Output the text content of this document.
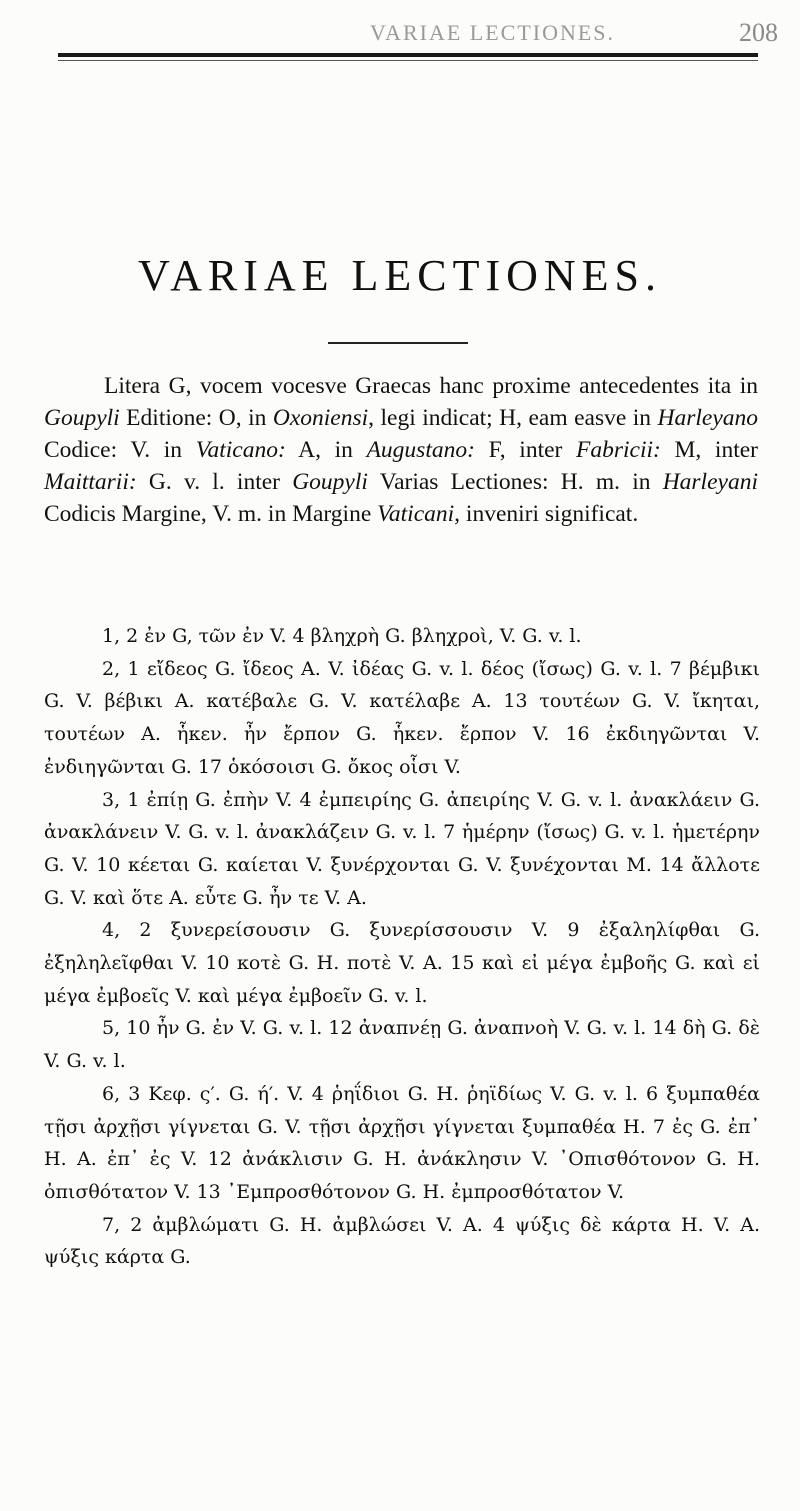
VARIAE LECTIONES.	208
VARIAE LECTIONES.

Litera G, vocem vocesve Graecas hanc proxime antecedentes ita in Goupyli Editione: O, in Oxoniensi, legi indicat; H, eam easve in Harleyano Codice: V. in Vaticano: A, in Augustano: F, inter Fabricii: M, inter Maittarii: G. v. l. inter Goupyli Varias Lectiones: H. m. in Harleyani Codicis Margine, V. m. in Margine Vaticani, inveniri significat.

1, 2 ἐν G, τῶν ἐν V. 4 βληχρὴ G. βληχροὶ, V. G. v. l.

2, 1 εἴδεος G. ἴδεος A. V. ἰδέας G. v. l. δέος (ἴσως) G. v. l. 7 βέμβικι G. V. βέβικι A. κατέβαλε G. V. κατέλαβε A. 13 τουτέων G. V. ἴκηται, τουτέων A. ἧκεν. ἦν ἔρπον G. ἧκεν. ἔρπον V. 16 ἐκδιηγῶνται V. ἐνδιηγῶνται G. 17 ὁκόσοισι G. ὄκος οἷσι V.

3, 1 ἐπίῃ G. ἐπὴν V. 4 ἐμπειρίης G. ἀπειρίης V. G. v. l. ἀνακλάειν G. ἀνακλάνειν V. G. v. l. ἀνακλάζειν G. v. l. 7 ἡμέρην (ἴσως) G. v. l. ἡμετέρην G. V. 10 κέεται G. καίεται V. ξυνέρχονται G. V. ξυνέχονται M. 14 ἄλλοτε G. V. καὶ ὅτε A. εὖτε G. ἦν τε V. A.

4, 2 ξυνερείσουσιν G. ξυνερίσσουσιν V. 9 ἐξαληλίφθαι G. ἐξηληλεῖφθαι V. 10 κοτὲ G. H. ποτὲ V. A. 15 καὶ εἰ μέγα ἐμβοῆς G. καὶ εἰ μέγα ἐμβοεῖς V. καὶ μέγα ἐμβοεῖν G. v. l.

5, 10 ἦν G. ἐν V. G. v. l. 12 ἀναπνέῃ G. ἀναπνοὴ V. G. v. l. 14 δὴ G. δὲ V. G. v. l.

6, 3 Κεφ. ς′. G. ή′. V. 4 ῥηΐδιοι G. H. ῥηϊδίως V. G. v. l. 6 ξυμπαθέα τῇσι ἀρχῇσι γίγνεται G. V. τῇσι ἀρχῇσι γίγνεται ξυμπαθέα H. 7 ἐς G. ἐπ᾽ H. A. ἐπ᾽ ἐς V. 12 ἀνάκλισιν G. H. ἀνάκλησιν V. ᾿Οπισθότονον G. H. ὀπισθότατον V. 13 ᾿Εμπροσθότονον G. H. ἐμπροσθότατον V.

7, 2 ἀμβλώματι G. H. ἀμβλώσει V. A. 4 ψύξις δὲ κάρτα H. V. A. ψύξις κάρτα G.
